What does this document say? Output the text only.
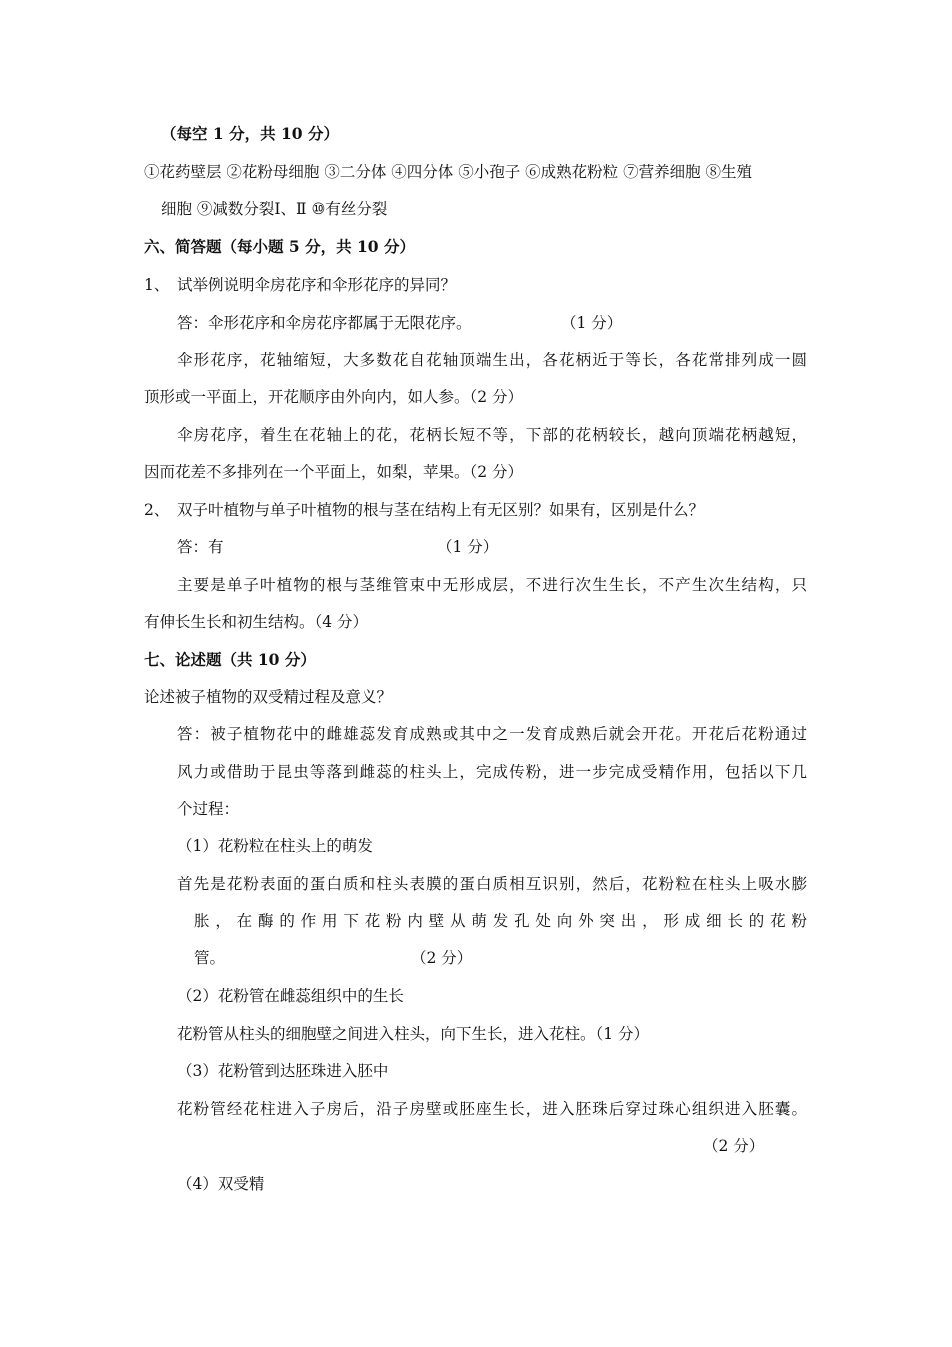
（每空 1 分，共 10 分）
①花药壁层 ②花粉母细胞 ③二分体 ④四分体 ⑤小孢子 ⑥成熟花粉粒 ⑦营养细胞 ⑧生殖
细胞 ⑨减数分裂Ⅰ、Ⅱ ⑩有丝分裂
六、简答题（每小题 5 分，共 10 分）
1、 试举例说明伞房花序和伞形花序的异同？
答：伞形花序和伞房花序都属于无限花序。	（1 分）
伞形花序，花轴缩短，大多数花自花轴顶端生出，各花柄近于等长，各花常排列成一圆
顶形或一平面上，开花顺序由外向内，如人参。（2 分）
伞房花序，着生在花轴上的花，花柄长短不等，下部的花柄较长，越向顶端花柄越短，
因而花差不多排列在一个平面上，如梨，苹果。（2 分）
2、 双子叶植物与单子叶植物的根与茎在结构上有无区别？如果有，区别是什么？
答：有	（1 分）
主要是单子叶植物的根与茎维管束中无形成层，不进行次生生长，不产生次生结构，只
有伸长生长和初生结构。（4 分）
七、论述题（共 10 分）
论述被子植物的双受精过程及意义？
答：被子植物花中的雌雄蕊发育成熟或其中之一发育成熟后就会开花。开花后花粉通过
风力或借助于昆虫等落到雌蕊的柱头上，完成传粉，进一步完成受精作用，包括以下几
个过程：
（1）花粉粒在柱头上的萌发
首先是花粉表面的蛋白质和柱头表膜的蛋白质相互识别，然后，花粉粒在柱头上吸水膨
胀，在酶的作用下花粉内壁从萌发孔处向外突出，形成细长的花粉
管。	（2 分）
（2）花粉管在雌蕊组织中的生长
花粉管从柱头的细胞壁之间进入柱头，向下生长，进入花柱。（1 分）
（3）花粉管到达胚珠进入胚中
花粉管经花柱进入子房后，沿子房壁或胚座生长，进入胚珠后穿过珠心组织进入胚囊。
（2 分）
（4）双受精
